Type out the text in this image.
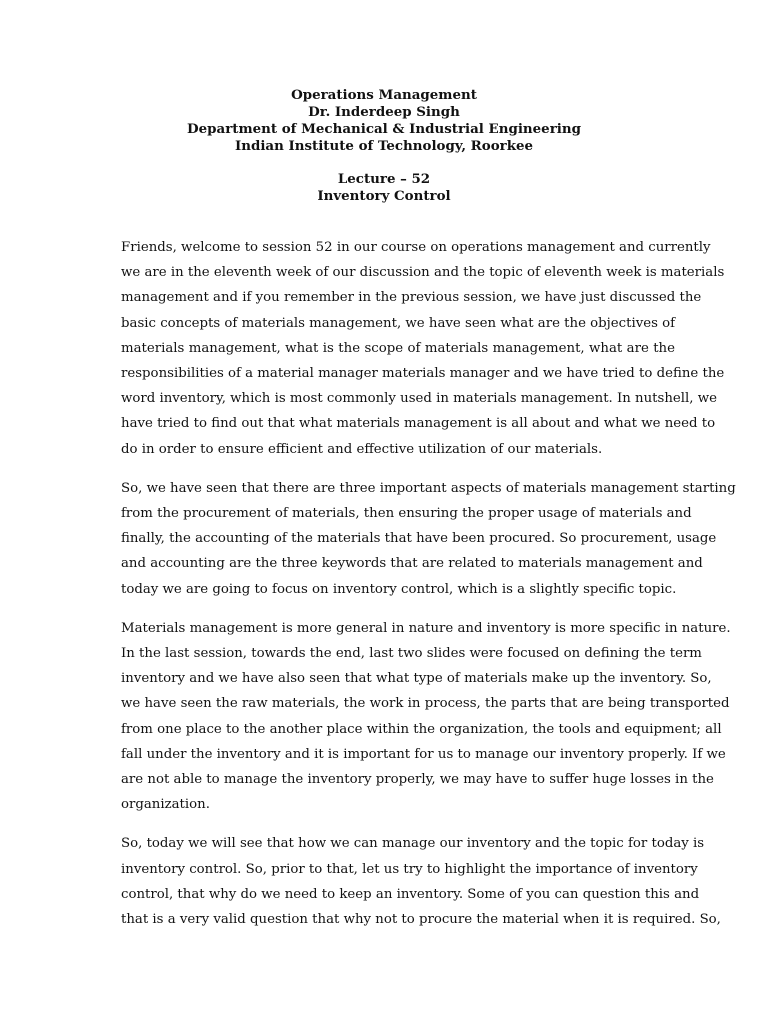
Operations Management
Dr. Inderdeep Singh
Department of Mechanical & Industrial Engineering
Indian Institute of Technology, Roorkee
Lecture – 52
Inventory Control
Friends, welcome to session 52 in our course on operations management and currently
we are in the eleventh week of our discussion and the topic of eleventh week is materials
management and if you remember in the previous session, we have just discussed the
basic concepts of materials management, we have seen what are the objectives of
materials management, what is the scope of materials management, what are the
responsibilities of a material manager materials manager and we have tried to define the
word inventory, which is most commonly used in materials management. In nutshell, we
have tried to find out that what materials management is all about and what we need to
do in order to ensure efficient and effective utilization of our materials.
So, we have seen that there are three important aspects of materials management starting
from the procurement of materials, then ensuring the proper usage of materials and
finally, the accounting of the materials that have been procured. So procurement, usage
and accounting are the three keywords that are related to materials management and
today we are going to focus on inventory control, which is a slightly specific topic.
Materials management is more general in nature and inventory is more specific in nature.
In the last session, towards the end, last two slides were focused on defining the term
inventory and we have also seen that what type of materials make up the inventory. So,
we have seen the raw materials, the work in process, the parts that are being transported
from one place to the another place within the organization, the tools and equipment; all
fall under the inventory and it is important for us to manage our inventory properly. If we
are not able to manage the inventory properly, we may have to suffer huge losses in the
organization.
So, today we will see that how we can manage our inventory and the topic for today is
inventory control. So, prior to that, let us try to highlight the importance of inventory
control, that why do we need to keep an inventory. Some of you can question this and
that is a very valid question that why not to procure the material when it is required. So,
